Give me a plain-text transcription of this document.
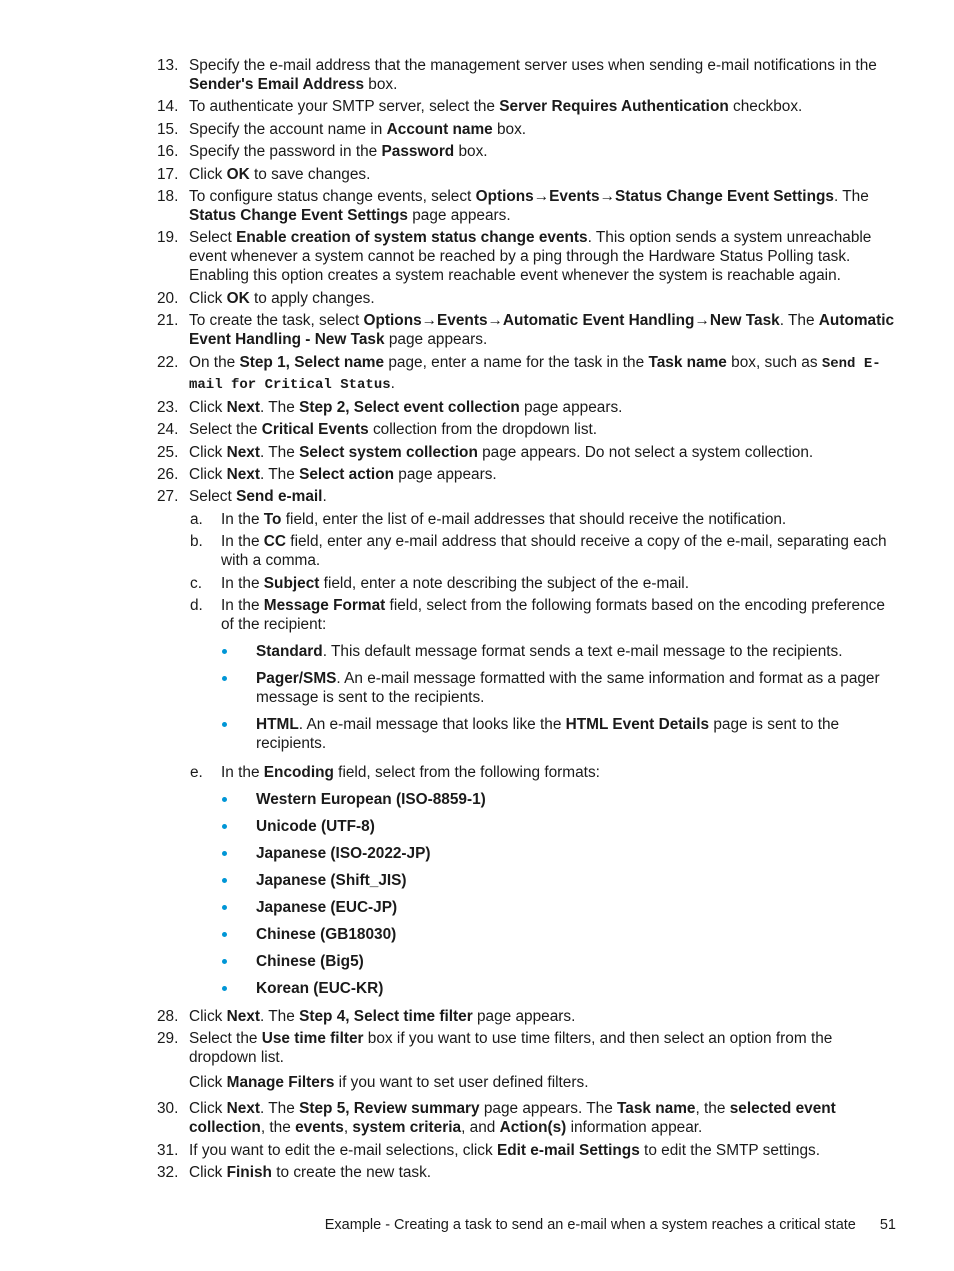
13. Specify the e-mail address that the management server uses when sending e-mail notifications in the Sender's Email Address box.
14. To authenticate your SMTP server, select the Server Requires Authentication checkbox.
15. Specify the account name in Account name box.
16. Specify the password in the Password box.
17. Click OK to save changes.
18. To configure status change events, select Options→Events→Status Change Event Settings. The Status Change Event Settings page appears.
19. Select Enable creation of system status change events. This option sends a system unreachable event whenever a system cannot be reached by a ping through the Hardware Status Polling task. Enabling this option creates a system reachable event whenever the system is reachable again.
20. Click OK to apply changes.
21. To create the task, select Options→Events→Automatic Event Handling→New Task. The Automatic Event Handling - New Task page appears.
22. On the Step 1, Select name page, enter a name for the task in the Task name box, such as Send E-mail for Critical Status.
23. Click Next. The Step 2, Select event collection page appears.
24. Select the Critical Events collection from the dropdown list.
25. Click Next. The Select system collection page appears. Do not select a system collection.
26. Click Next. The Select action page appears.
27. Select Send e-mail.
a. In the To field, enter the list of e-mail addresses that should receive the notification.
b. In the CC field, enter any e-mail address that should receive a copy of the e-mail, separating each with a comma.
c. In the Subject field, enter a note describing the subject of the e-mail.
d. In the Message Format field, select from the following formats based on the encoding preference of the recipient:
Standard. This default message format sends a text e-mail message to the recipients.
Pager/SMS. An e-mail message formatted with the same information and format as a pager message is sent to the recipients.
HTML. An e-mail message that looks like the HTML Event Details page is sent to the recipients.
e. In the Encoding field, select from the following formats:
Western European (ISO-8859-1)
Unicode (UTF-8)
Japanese (ISO-2022-JP)
Japanese (Shift_JIS)
Japanese (EUC-JP)
Chinese (GB18030)
Chinese (Big5)
Korean (EUC-KR)
28. Click Next. The Step 4, Select time filter page appears.
29. Select the Use time filter box if you want to use time filters, and then select an option from the dropdown list.
Click Manage Filters if you want to set user defined filters.
30. Click Next. The Step 5, Review summary page appears. The Task name, the selected event collection, the events, system criteria, and Action(s) information appear.
31. If you want to edit the e-mail selections, click Edit e-mail Settings to edit the SMTP settings.
32. Click Finish to create the new task.
Example - Creating a task to send an e-mail when a system reaches a critical state 51
